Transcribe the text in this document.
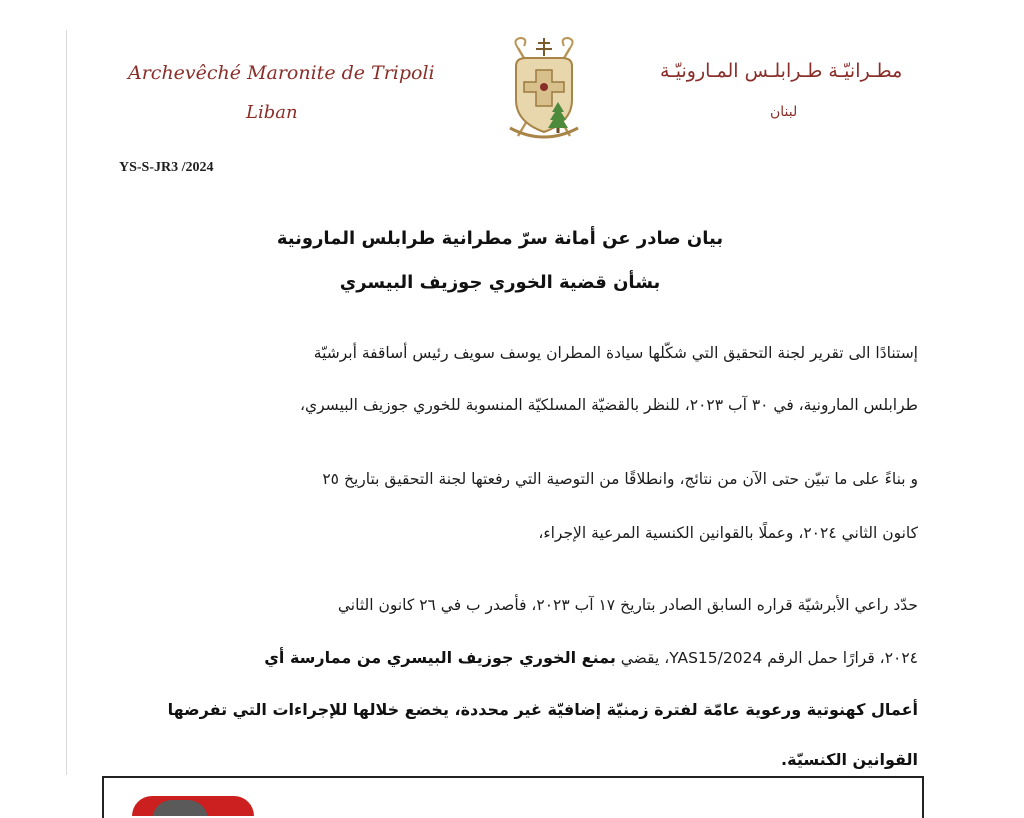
Archevêché Maronite de Tripoli
Liban
مطـرانيّـة طـرابلـس المـارونيّـة
لبنان
YS-S-JR3 /2024
بيان صادر عن أمانة سرّ مطرانية طرابلس المارونية
بشأن قضية الخوري جوزيف البيسري
إستنادًا الى تقرير لجنة التحقيق التي شكّلها سيادة المطران يوسف سويف رئيس أساقفة أبرشيّة
طرابلس المارونية، في ٣٠ آب ٢٠٢٣، للنظر بالقضيّة المسلكيّة المنسوبة للخوري جوزيف البيسري،
و بناءً على ما تبيّن حتى الآن من نتائج، وانطلاقًا من التوصية التي رفعتها لجنة التحقيق بتاريخ ٢٥
كانون الثاني ٢٠٢٤، وعملًا بالقوانين الكنسية المرعية الإجراء،
حدّد راعي الأبرشيّة قراره السابق الصادر بتاريخ ١٧ آب ٢٠٢٣، فأصدر ب في ٢٦ كانون الثاني
٢٠٢٤، قرارًا حمل الرقم YAS15/2024، يقضي بمنع الخوري جوزيف البيسري من ممارسة أي
أعمال كهنوتية ورعوية عامّة لفترة زمنيّة إضافيّة غير محددة، يخضع خلالها للإجراءات التي تفرضها
القوانين الكنسيّة.
